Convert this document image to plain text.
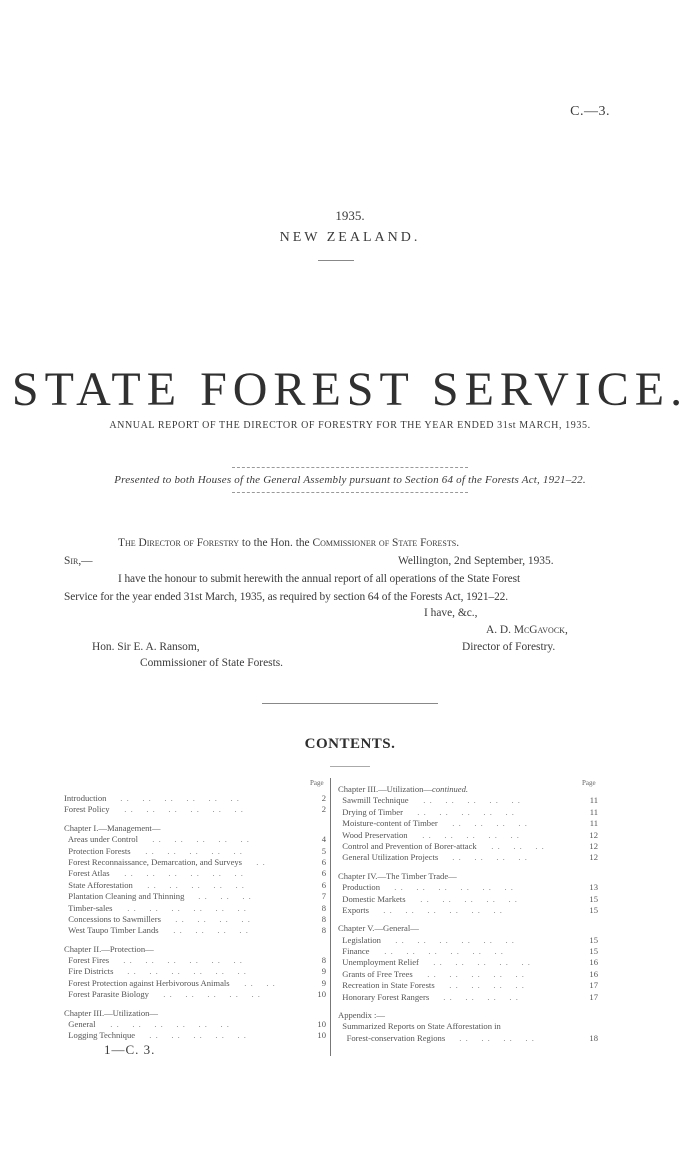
C.—3.
1935.
NEW ZEALAND.
STATE FOREST SERVICE.
ANNUAL REPORT OF THE DIRECTOR OF FORESTRY FOR THE YEAR ENDED 31st MARCH, 1935.
Presented to both Houses of the General Assembly pursuant to Section 64 of the Forests Act, 1921–22.
The Director of Forestry to the Hon. the Commissioner of State Forests.
Sir,—	Wellington, 2nd September, 1935.
I have the honour to submit herewith the annual report of all operations of the State Forest
Service for the year ended 31st March, 1935, as required by section 64 of the Forests Act, 1921–22.
I have, &c.,
A. D. McGavock,
Hon. Sir E. A. Ransom,	Director of Forestry.
Commissioner of State Forests.
CONTENTS.
Page	Page
Introduction	2
. .    . .    . .    . .    . .    . .
Forest Policy	2
. .    . .    . .    . .    . .    . .
Chapter I.—Management—
Areas under Control	4
. .    . .    . .    . .    . .
Protection Forests	5
. .    . .    . .    . .    . .
Forest Reconnaissance, Demarcation, and Surveys	6
. .
Forest Atlas	6
. .    . .    . .    . .    . .    . .
State Afforestation	6
. .    . .    . .    . .    . .
Plantation Cleaning and Thinning	7
. .    . .    . .
Timber-sales	8
. .    . .    . .    . .    . .    . .
Concessions to Sawmillers	8
. .    . .    . .    . .
West Taupo Timber Lands	8
. .    . .    . .    . .
Chapter II.—Protection—
Forest Fires	8
. .    . .    . .    . .    . .    . .
Fire Districts	9
. .    . .    . .    . .    . .    . .
Forest Protection against Herbivorous Animals	9
. .    . .
Forest Parasite Biology	10
. .    . .    . .    . .    . .
Chapter III.—Utilization—
General	10
. .    . .    . .    . .    . .    . .
Logging Technique	10
. .    . .    . .    . .    . .
Chapter III.—Utilization—continued.
Sawmill Technique	11
. .    . .    . .    . .    . .
Drying of Timber	11
. .    . .    . .    . .    . .
Moisture-content of Timber	11
. .    . .    . .    . .
Wood Preservation	12
. .    . .    . .    . .    . .
Control and Prevention of Borer-attack	12
. .    . .    . .
General Utilization Projects	12
. .    . .    . .    . .
Chapter IV.—The Timber Trade—
Production	13
. .    . .    . .    . .    . .    . .
Domestic Markets	15
. .    . .    . .    . .    . .
Exports	15
. .    . .    . .    . .    . .    . .
Chapter V.—General—
Legislation	15
. .    . .    . .    . .    . .    . .
Finance	15
. .    . .    . .    . .    . .    . .
Unemployment Relief	16
. .    . .    . .    . .    . .
Grants of Free Trees	16
. .    . .    . .    . .    . .
Recreation in State Forests	17
. .    . .    . .    . .
Honorary Forest Rangers	17
. .    . .    . .    . .
Appendix :—
Summarized Reports on State Afforestation in
Forest-conservation Regions	18
. .    . .    . .    . .
1—C. 3.
